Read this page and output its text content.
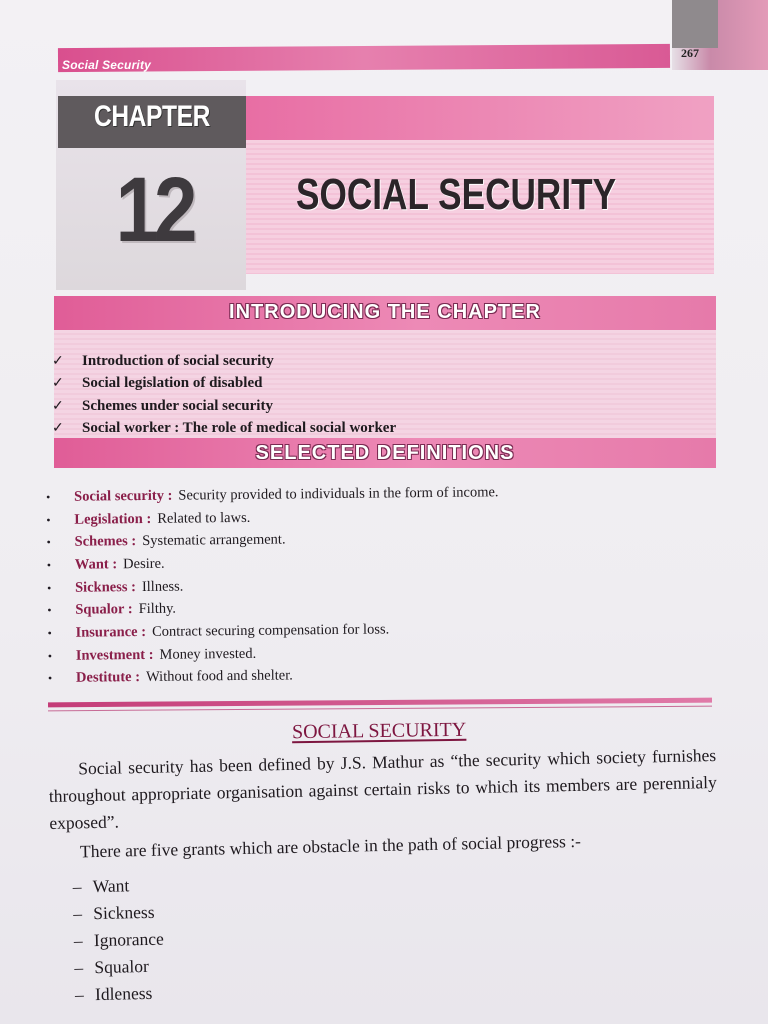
Social Security
267
CHAPTER
12	SOCIAL SECURITY
INTRODUCING THE CHAPTER
✓	Introduction of social security
✓	Social legislation of disabled
✓	Schemes under social security
✓	Social worker : The role of medical social worker
SELECTED DEFINITIONS
•	Social security : Security provided to individuals in the form of income.
•	Legislation : Related to laws.
•	Schemes : Systematic arrangement.
•	Want : Desire.
•	Sickness : Illness.
•	Squalor : Filthy.
•	Insurance : Contract securing compensation for loss.
•	Investment : Money invested.
•	Destitute : Without food and shelter.
SOCIAL SECURITY

Social security has been defined by J.S. Mathur as “the security which society furnishes throughout appropriate organisation against certain risks to which its members are perennialy exposed”.

There are five grants which are obstacle in the path of social progress :-

– Want
– Sickness
– Ignorance
– Squalor
– Idleness
